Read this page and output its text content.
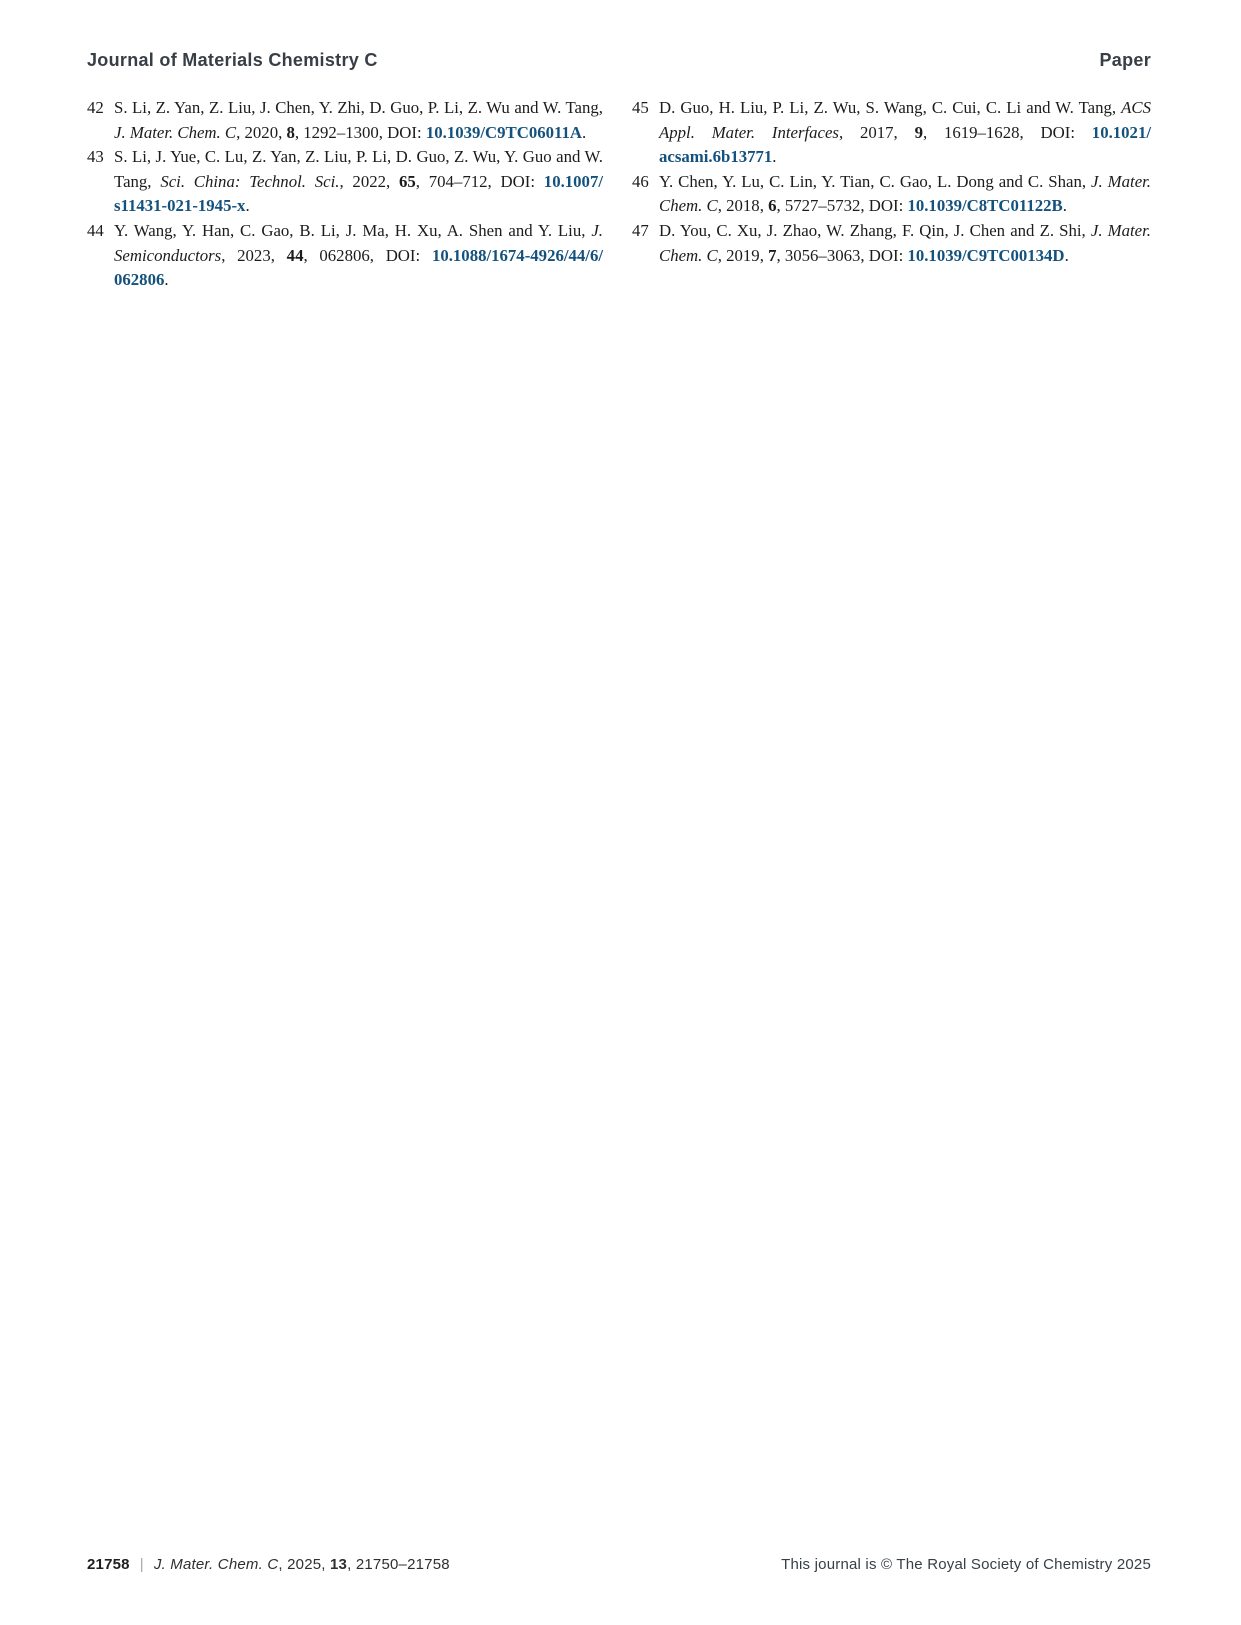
Journal of Materials Chemistry C	Paper
42 S. Li, Z. Yan, Z. Liu, J. Chen, Y. Zhi, D. Guo, P. Li, Z. Wu and W. Tang, J. Mater. Chem. C, 2020, 8, 1292–1300, DOI: 10.1039/​C9TC06011A.
43 S. Li, J. Yue, C. Lu, Z. Yan, Z. Liu, P. Li, D. Guo, Z. Wu, Y. Guo and W. Tang, Sci. China: Technol. Sci., 2022, 65, 704–712, DOI: 10.1007/​s11431-021-1945-x.
44 Y. Wang, Y. Han, C. Gao, B. Li, J. Ma, H. Xu, A. Shen and Y. Liu, J. Semiconductors, 2023, 44, 062806, DOI: 10.1088/​1674-4926/​44/​6/​062806.
45 D. Guo, H. Liu, P. Li, Z. Wu, S. Wang, C. Cui, C. Li and W. Tang, ACS Appl. Mater. Interfaces, 2017, 9, 1619–1628, DOI: 10.1021/​acsami.6b13771.
46 Y. Chen, Y. Lu, C. Lin, Y. Tian, C. Gao, L. Dong and C. Shan, J. Mater. Chem. C, 2018, 6, 5727–5732, DOI: 10.1039/​C8TC01122B.
47 D. You, C. Xu, J. Zhao, W. Zhang, F. Qin, J. Chen and Z. Shi, J. Mater. Chem. C, 2019, 7, 3056–3063, DOI: 10.1039/​C9TC00134D.
21758 | J. Mater. Chem. C, 2025, 13, 21750–21758	This journal is © The Royal Society of Chemistry 2025
